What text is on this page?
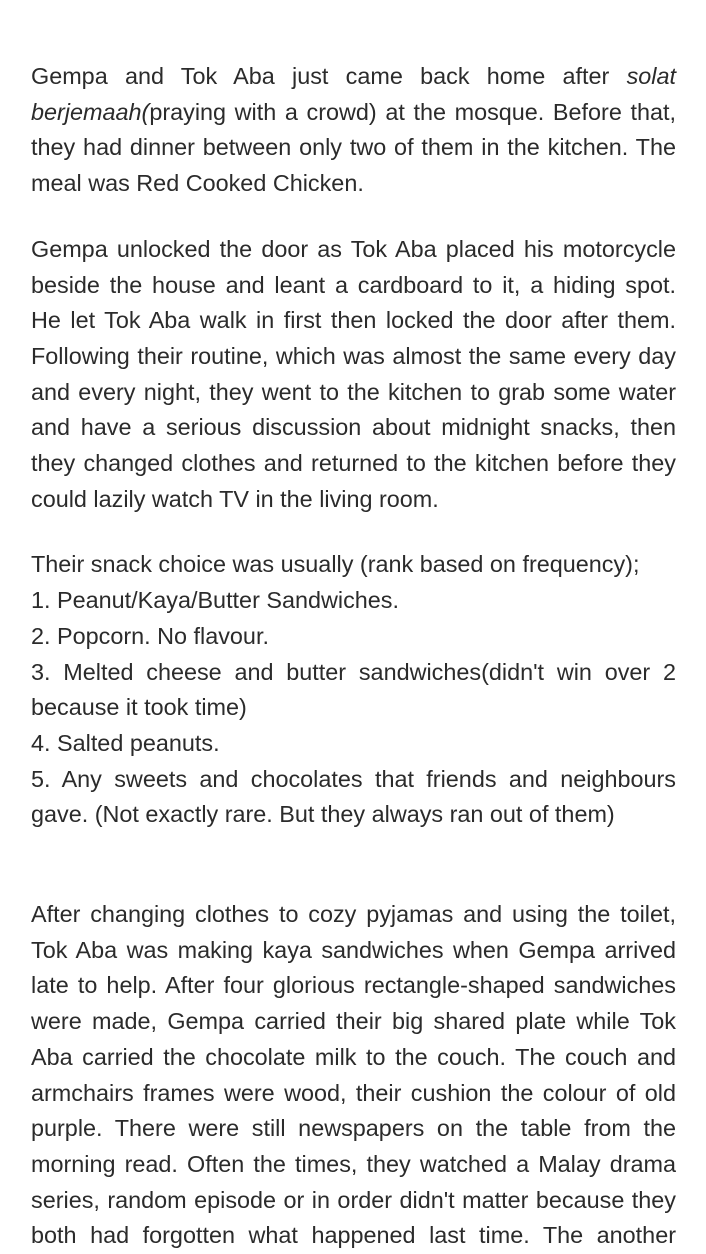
Gempa and Tok Aba just came back home after solat
berjemaah(praying with a crowd) at the mosque. Before that,
they had dinner between only two of them in the kitchen. The
meal was Red Cooked Chicken.

Gempa unlocked the door as Tok Aba placed his motorcycle
beside the house and leant a cardboard to it, a hiding spot.
He let Tok Aba walk in first then locked the door after them.
Following their routine, which was almost the same every day
and every night, they went to the kitchen to grab some water
and have a serious discussion about midnight snacks, then
they changed clothes and returned to the kitchen before they
could lazily watch TV in the living room.

Their snack choice was usually (rank based on frequency);
1. Peanut/Kaya/Butter Sandwiches.
2. Popcorn. No flavour.
3. Melted cheese and butter sandwiches(didn't win over 2
because it took time)
4. Salted peanuts.
5. Any sweets and chocolates that friends and neighbours
gave. (Not exactly rare. But they always ran out of them)

After changing clothes to cozy pyjamas and using the toilet,
Tok Aba was making kaya sandwiches when Gempa arrived
late to help. After four glorious rectangle-shaped sandwiches
were made, Gempa carried their big shared plate while Tok
Aba carried the chocolate milk to the couch. The couch and
armchairs frames were wood, their cushion the colour of old
purple. There were still newspapers on the table from the
morning read. Often the times, they watched a Malay drama
series, random episode or in order didn't matter because they
both had forgotten what happened last time. The another
